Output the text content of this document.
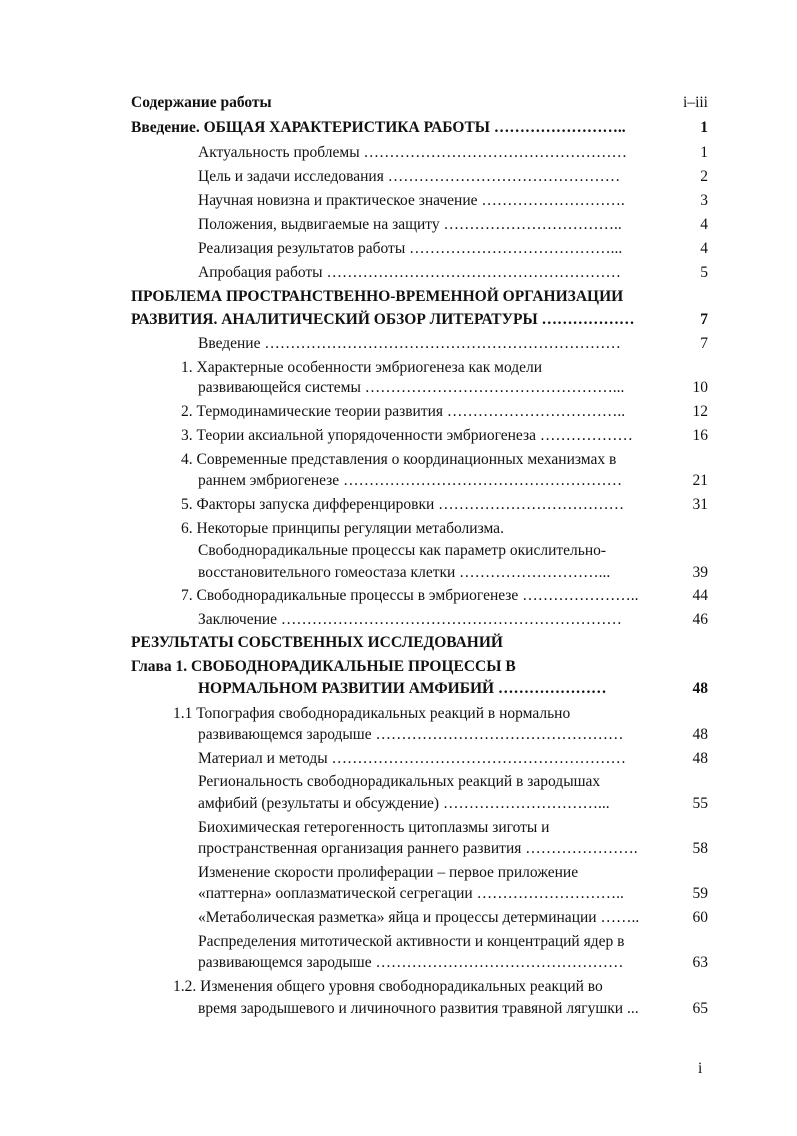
Содержание работы	i–iii
Введение. ОБЩАЯ ХАРАКТЕРИСТИКА РАБОТЫ ……………………..	1
Актуальность проблемы ……………………………………………	1
Цель и задачи исследования ………………………………………	2
Научная новизна и практическое значение ……………………….	3
Положения, выдвигаемые на защиту ……………………………..	4
Реализация результатов работы …………………………………...	4
Апробация работы …………………………………………………	5
ПРОБЛЕМА ПРОСТРАНСТВЕННО-ВРЕМЕННОЙ ОРГАНИЗАЦИИ
РАЗВИТИЯ. АНАЛИТИЧЕСКИЙ ОБЗОР ЛИТЕРАТУРЫ ………………	7
Введение ……………………………………………………………	7
1. Характерные особенности эмбриогенеза как модели
развивающейся системы …………………………………………...	10
2. Термодинамические теории развития ……………………………..	12
3. Теории аксиальной упорядоченности эмбриогенеза ………………	16
4. Современные представления о координационных механизмах в
раннем эмбриогенезе ………………………………………………	21
5. Факторы запуска дифференцировки ………………………………	31
6. Некоторые принципы регуляции метаболизма.
Свободнорадикальные процессы как параметр окислительно-
восстановительного гомеостаза клетки ………………………...	39
7. Свободнорадикальные процессы в эмбриогенезе …………………..	44
Заключение …………………………………………………………	46
РЕЗУЛЬТАТЫ СОБСТВЕННЫХ ИССЛЕДОВАНИЙ
Глава 1. СВОБОДНОРАДИКАЛЬНЫЕ ПРОЦЕССЫ В
НОРМАЛЬНОМ РАЗВИТИИ АМФИБИЙ …………………	48
1.1 Топография свободнорадикальных реакций в нормально
развивающемся зародыше …………………………………………	48
Материал и методы …………………………………………………	48
Региональность свободнорадикальных реакций в зародышах
амфибий (результаты и обсуждение) …………………………...	55
Биохимическая гетерогенность цитоплазмы зиготы и
пространственная организация раннего развития ………………….	58
Изменение скорости пролиферации – первое приложение
«паттерна» ооплазматической сегрегации ………………………..	59
«Метаболическая разметка» яйца и процессы детерминации ……..	60
Распределения митотической активности и концентраций ядер в
развивающемся зародыше …………………………………………	63
1.2. Изменения общего уровня свободнорадикальных реакций во
время зародышевого и личиночного развития травяной лягушки ...	65
i
